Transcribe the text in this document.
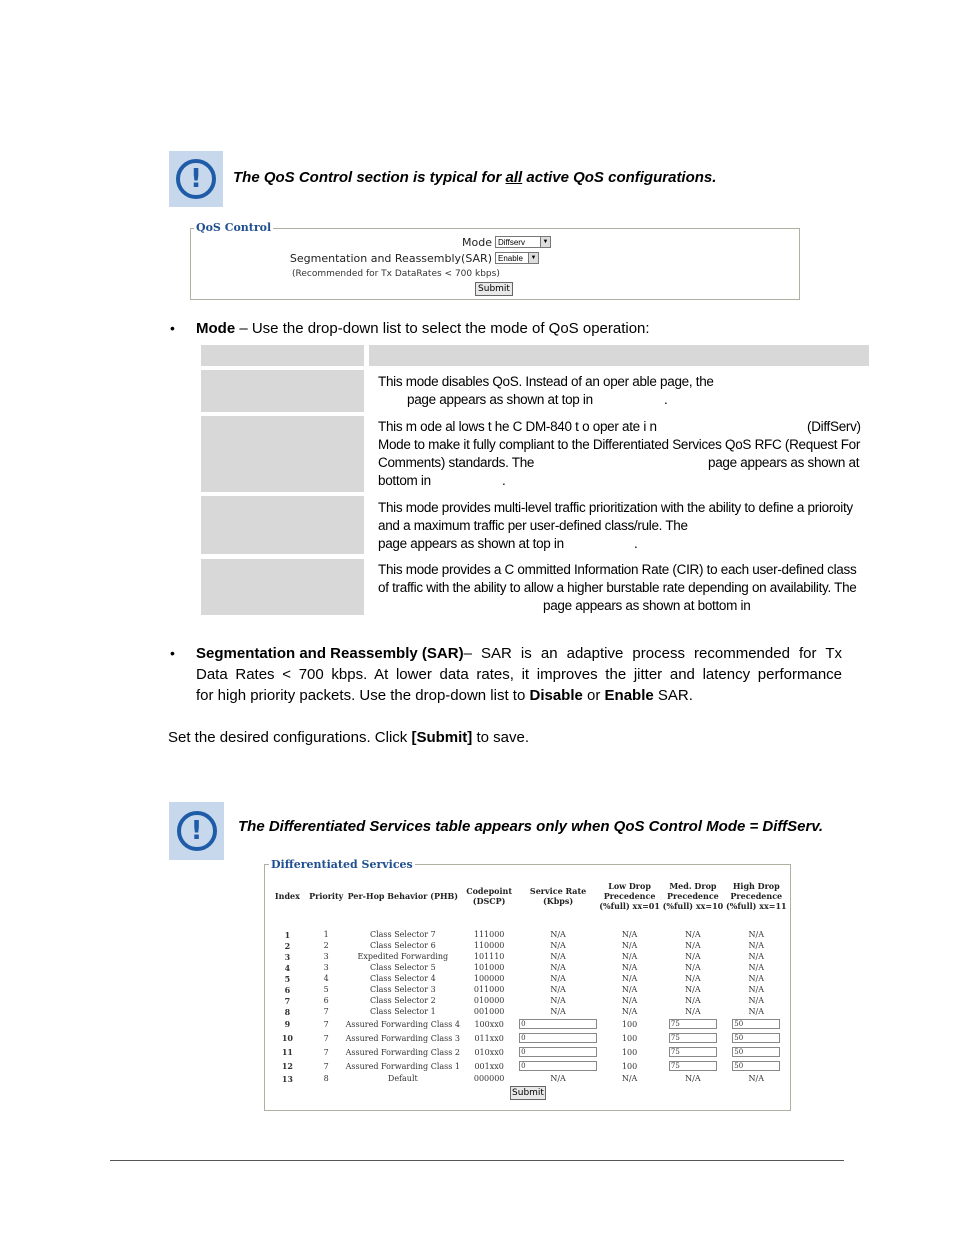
!	The QoS Control section is typical for all active QoS configurations.
QoS Control
Mode Diffserv	▼
Segmentation and Reassembly(SAR) Enable	▼
(Recommended for Tx DataRates < 700 kbps)
Submit
• Mode – Use the drop-down list to select the mode of QoS operation:
This mode disables QoS. Instead of an oper able page, the
page appears as shown at top in	.
This m ode al lows t he C DM-840 t o oper ate i n	(DiffServ)
Mode to make it fully compliant to the Differentiated Services QoS RFC (Request For
Comments) standards. The	page appears as shown at
bottom in	.
This mode provides multi-level traffic prioritization with the ability to define a prioroity
and a maximum traffic per user-defined class/rule. The
page appears as shown at top in	.
This mode provides a C ommitted Information Rate (CIR) to each user-defined class
of traffic with the ability to allow a higher burstable rate depending on availability. The
page appears as shown at bottom in
• Segmentation and Reassembly (SAR) – SAR is an adaptive process recommended for Tx
Data Rates < 700 kbps. At lower data rates, it improves the jitter and latency performance
for high priority packets. Use the drop-down list to Disable or Enable SAR.
Set the desired configurations. Click [Submit] to save.
!	The Differentiated Services table appears only when QoS Control Mode = DiffServ.
Differentiated Services
Index	Priority	Per-Hop Behavior (PHB)	Codepoint (DSCP)	Service Rate (Kbps)	Low Drop Precedence (%full) xx=01	Med. Drop Precedence (%full) xx=10	High Drop Precedence (%full) xx=11

1	1	Class Selector 7	111000	N/A	N/A	N/A	N/A
2	2	Class Selector 6	110000	N/A	N/A	N/A	N/A
3	3	Expedited Forwarding	101110	N/A	N/A	N/A	N/A
4	3	Class Selector 5	101000	N/A	N/A	N/A	N/A
5	4	Class Selector 4	100000	N/A	N/A	N/A	N/A
6	5	Class Selector 3	011000	N/A	N/A	N/A	N/A
7	6	Class Selector 2	010000	N/A	N/A	N/A	N/A
8	7	Class Selector 1	001000	N/A	N/A	N/A	N/A
9	7	Assured Forwarding Class 4	100xx0	0	100	75	50
10	7	Assured Forwarding Class 3	011xx0	0	100	75	50
11	7	Assured Forwarding Class 2	010xx0	0	100	75	50
12	7	Assured Forwarding Class 1	001xx0	0	100	75	50
13	8	Default	000000	N/A	N/A	N/A	N/A
Submit
